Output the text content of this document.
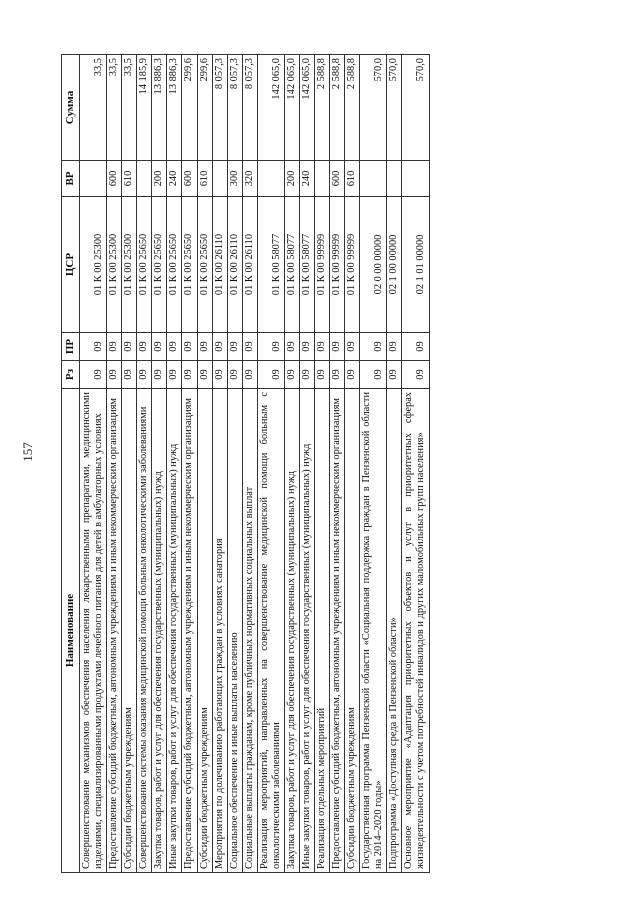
157
Наименование	Рз	ПР	ЦСР	ВР	Сумма
Совершенствование механизмов обеспечения населения лекарственными препаратами, медицинскими изделиями, специализированными продуктами лечебного питания для детей в амбулаторных условиях	09	09	01 К 00 25300		33,5
Предоставление субсидий бюджетным, автономным учреждениям и иным некоммерческим организациям	09	09	01 К 00 25300	600	33,5
Субсидии бюджетным учреждениям	09	09	01 К 00 25300	610	33,5
Совершенствование системы оказания медицинской помощи больным онкологическими заболеваниями	09	09	01 К 00 25650		14 185,9
Закупка товаров, работ и услуг для обеспечения государственных (муниципальных) нужд	09	09	01 К 00 25650	200	13 886,3
Иные закупки товаров, работ и услуг для обеспечения государственных (муниципальных) нужд	09	09	01 К 00 25650	240	13 886,3
Предоставление субсидий бюджетным, автономным учреждениям и иным некоммерческим организациям	09	09	01 К 00 25650	600	299,6
Субсидии бюджетным учреждениям	09	09	01 К 00 25650	610	299,6
Мероприятия по долечиванию работающих граждан в условиях санатория	09	09	01 К 00 26110		8 057,3
Социальное обеспечение и иные выплаты населению	09	09	01 К 00 26110	300	8 057,3
Социальные выплаты гражданам, кроме публичных нормативных социальных выплат	09	09	01 К 00 26110	320	8 057,3
Реализация мероприятий, направленных на совершенствование медицинской помощи больным с онкологическими заболеваниями	09	09	01 К 00 58077		142 065,0
Закупка товаров, работ и услуг для обеспечения государственных (муниципальных) нужд	09	09	01 К 00 58077	200	142 065,0
Иные закупки товаров, работ и услуг для обеспечения государственных (муниципальных) нужд	09	09	01 К 00 58077	240	142 065,0
Реализация отдельных мероприятий	09	09	01 К 00 99999		2 588,8
Предоставление субсидий бюджетным, автономным учреждениям и иным некоммерческим организациям	09	09	01 К 00 99999	600	2 588,8
Субсидии бюджетным учреждениям	09	09	01 К 00 99999	610	2 588,8
Государственная программа Пензенской области «Социальная поддержка граждан в Пензенской области на 2014–2020 годы»	09	09	02 0 00 00000		570,0
Подпрограмма «Доступная среда в Пензенской области»	09	09	02 1 00 00000		570,0
Основное мероприятие «Адаптация приоритетных объектов и услуг в приоритетных сферах жизнедеятельности с учетом потребностей инвалидов и других маломобильных групп населения»	09	09	02 1 01 00000		570,0
